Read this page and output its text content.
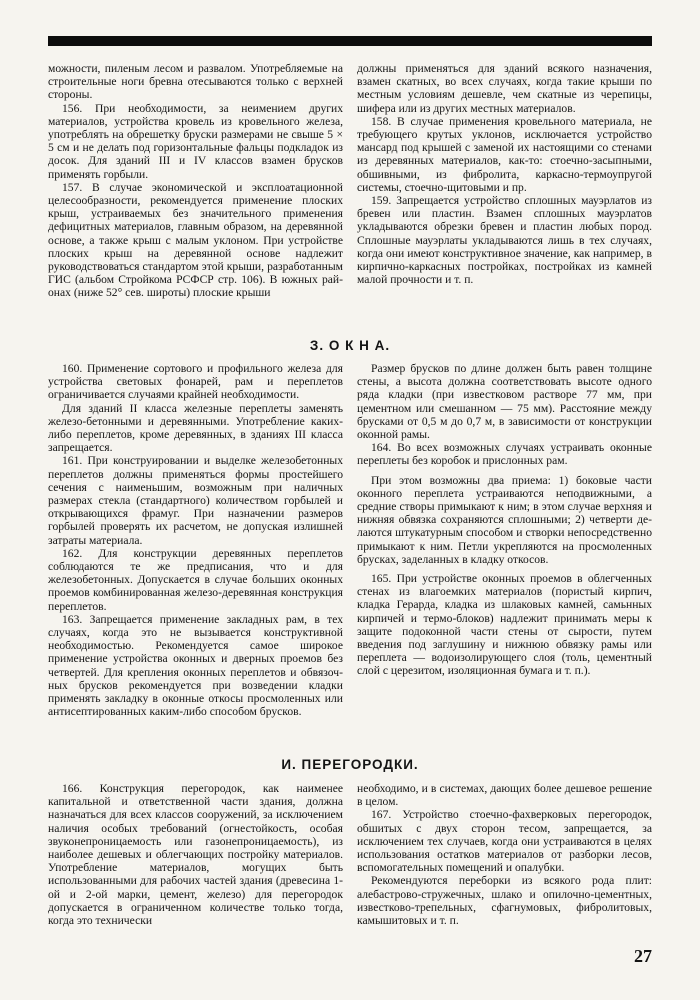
можности, пиленым лесом и развалом. Употребляемые на строительные ноги бревна отесываются только с верхней стороны.

156. При необходимости, за неимением других материалов, устройства кровель из кровельного железа, употреблять на обрешетку бруски размерами не свыше 5 × 5 см и не делать под горизонтальные фальцы подкладок из досок. Для зданий III и IV классов взамен брусков применять горбыли.

157. В случае экономической и эксплоатационной целесообразности, рекомендуется применение плоских крыш, устраиваемых без значительного применения дефицитных материалов, главным образом, на деревянной основе, а также крыш с малым уклоном. При устройстве плоских крыш на деревянной основе надлежит руководствоваться стандартом этой крыши, разработанным ГИС (альбом Стройкома РСФСР стр. 106). В южных районах (ниже 52° сев. широты) плоские крыши

должны применяться для зданий всякого назначения, взамен скатных, во всех случаях, когда такие крыши по местным условиям дешевле, чем скатные из черепицы, шифера или из других местных материалов.

158. В случае применения кровельного материала, не требующего крутых уклонов, исключается устройство мансард под крышей с заменой их настоящими со стенами из деревянных материалов, как-то: стоечно-засыпными, обшивными, из фибролита, каркасно-термоупругой системы, стоечно-щитовыми и пр.

159. Запрещается устройство сплошных мауэрлатов из бревен или пластин. Взамен сплошных мауэрлатов укладываются обрезки бревен и пластин любых пород. Сплошные мауэрлаты укладываются лишь в тех случаях, когда они имеют конструктивное значение, как например, в кирпично-каркасных постройках, постройках из камней малой прочности и т. п.

З. О К Н А.

160. Применение сортового и профильного железа для устройства световых фонарей, рам и переплетов ограничивается случаями крайней необходимости.

Для зданий II класса железные переплеты заменять железо-бетонными и деревянными. Употребление каких-либо переплетов, кроме деревянных, в зданиях III класса запрещается.

161. При конструировании и выделке железобетонных переплетов должны применяться формы простейшего сечения с наименьшим, возможным при наличных размерах стекла (стандартного) количеством горбылей и открывающихся фрамуг. При назначении размеров горбылей проверять их расчетом, не допуская излишней затраты материала.

162. Для конструкции деревянных переплeтов соблюдаются те же предписания, что и для железобетонных. Допускается в случае больших оконных проемов комбинированная железо-деревянная конструкция переплетов.

163. Запрещается применение закладных рам, в тех случаях, когда это не вызывается конструктивной необходимостью. Рекомендуется самое широкое применение устройства оконных и дверных проемов без четвертей. Для крепления оконных переплетов и обвязочных брусков рекомендуется при возведении кладки применять закладку в оконные откосы просмоленных или антисептированных каким-либо способом брусков.

Размер брусков по длине должен быть равен толщине стены, а высота должна соответствовать высоте одного ряда кладки (при известковом растворе 77 мм, при цементном или смешанном — 75 мм). Расстояние между брусками от 0,5 м до 0,7 м, в зависимости от конструкции оконной рамы.

164. Во всех возможных случаях устраивать оконные переплеты без коробок и прислонных рам.

При этом возможны два приема: 1) боковые части оконного переплета устраиваются неподвижными, а средние створы примыкают к ним; в этом случае верхняя и нижняя обвязка сохраняются сплошными; 2) четверти делаются штукатурным способом и створки непосредственно примыкают к ним. Петли укрепляются на просмоленных брусках, заделанных в кладку откосов.

165. При устройстве оконных проемов в облегченных стенах из влагоемких материалов (пористый кирпич, кладка Герарда, кладка из шлаковых камней, самьнных кирпичей и термо-блоков) надлежит принимать меры к защите подоконной части стены от сырости, путем введения под заглушину и нижнюю обвязку рамы или переплета — водоизолирующего слоя (толь, цементный слой с церезитом, изоляционная бумага и т. п.).

И. ПЕРЕГОРОДКИ.

166. Конструкция перегородок, как наименее капитальной и ответственной части здания, должна назначаться для всех классов сооружений, за исключением наличия особых требований (огнестойкость, особая звуконепроницаемость или газонепроницаемость), из наиболее дешевых и облегчающих постройку материалов. Употребление материалов, могущих быть использованными для рабочих частей здания (древесина 1-ой и 2-ой марки, цемент, железо) для перегородок допускается в ограниченном количестве только тогда, когда это технически

необходимо, и в системах, дающих более дешевое решение в целом.

167. Устройство стоечно-фахверковых перегородок, обшитых с двух сторон тесом, запрещается, за исключением тех случаев, когда они устраиваются в целях использования остатков материалов от разборки лесов, вспомогательных помещений и опалубки.

Рекомендуются переборки из всякого рода плит: алебастрово-стружечных, шлако и опилочно-цементных, известково-трепельных, сфагнумовых, фибролитовых, камышитовых и т. п.

27
